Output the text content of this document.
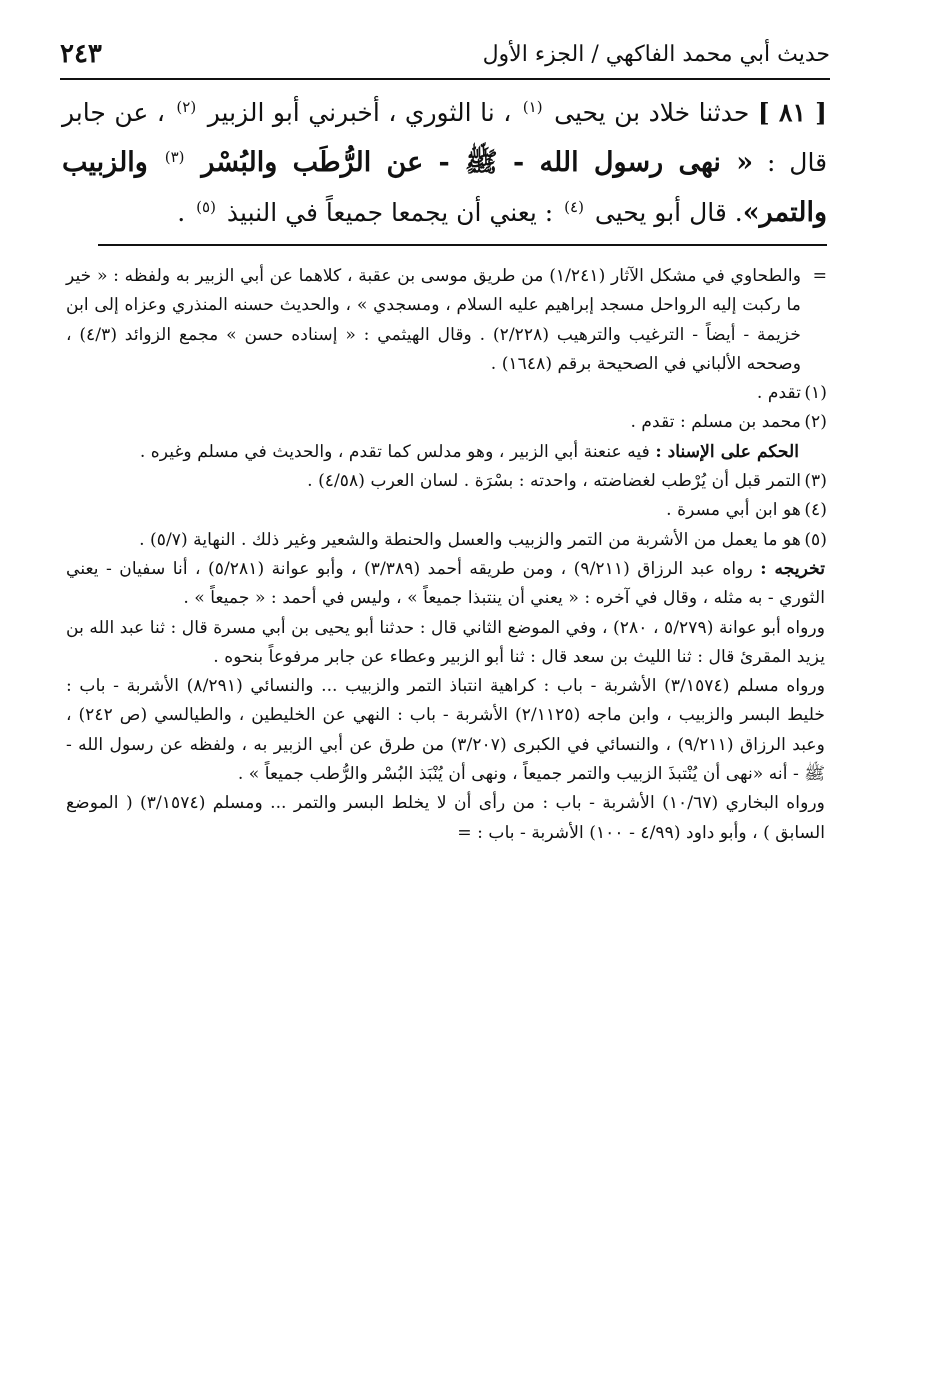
حديث أبي محمد الفاكهي / الجزء الأول
٢٤٣
[ ٨١ ] حدثنا خلاد بن يحيى $^{(١)}$ ، نا الثوري ، أخبرني أبو الزبير $^{(٢)}$ ، عن جابر قال : « نهى رسول الله - ﷺ - عن الرُّطَب والبُسْر $^{(٣)}$ والزبيب والتمر». قال أبو يحيى $^{(٤)}$ : يعني أن يجمعا جميعاً في النبيذ $^{(٥)}$ .
=
والطحاوي في مشكل الآثار (١/٢٤١) من طريق موسى بن عقبة ، كلاهما عن أبي الزبير به ولفظه : « خير ما ركبت إليه الرواحل مسجد إبراهيم عليه السلام ، ومسجدي » ، والحديث حسنه المنذري وعزاه إلى ابن خزيمة - أيضاً - الترغيب والترهيب (٢/٢٢٨) . وقال الهيثمي : « إسناده حسن » مجمع الزوائد (٤/٣) ، وصححه الألباني في الصحيحة برقم (١٦٤٨) .
(١)
تقدم .
(٢)
محمد بن مسلم : تقدم .
الحكم على الإسناد : فيه عنعنة أبي الزبير ، وهو مدلس كما تقدم ، والحديث في مسلم وغيره .
(٣)
التمر قبل أن يُرْطب لغضاضته ، واحدته : بسْرَة . لسان العرب (٤/٥٨) .
(٤)
هو ابن أبي مسرة .
(٥)
هو ما يعمل من الأشربة من التمر والزبيب والعسل والحنطة والشعير وغير ذلك . النهاية (٥/٧) .
تخريجه : رواه عبد الرزاق (٩/٢١١) ، ومن طريقه أحمد (٣/٣٨٩) ، وأبو عوانة (٥/٢٨١) ، أنا سفيان - يعني الثوري - به مثله ، وقال في آخره : « يعني أن ينتبذا جميعاً » ، وليس في أحمد : « جميعاً » .
ورواه أبو عوانة (٥/٢٧٩ ، ٢٨٠) ، وفي الموضع الثاني قال : حدثنا أبو يحيى بن أبي مسرة قال : ثنا عبد الله بن يزيد المقرئ قال : ثنا الليث بن سعد قال : ثنا أبو الزبير وعطاء عن جابر مرفوعاً بنحوه .
ورواه مسلم (٣/١٥٧٤) الأشربة - باب : كراهية انتباذ التمر والزبيب ... والنسائي (٨/٢٩١) الأشربة - باب : خليط البسر والزبيب ، وابن ماجه (٢/١١٢٥) الأشربة - باب : النهي عن الخليطين ، والطيالسي (ص ٢٤٢) ، وعبد الرزاق (٩/٢١١) ، والنسائي في الكبرى (٣/٢٠٧) من طرق عن أبي الزبير به ، ولفظه عن رسول الله - ﷺ - أنه «نهى أن يُنْتبذَ الزبيب والتمر جميعاً ، ونهى أن يُنْبَذ البُسْر والرُّطب جميعاً » .
ورواه البخاري (١٠/٦٧) الأشربة - باب : من رأى أن لا يخلط البسر والتمر ... ومسلم (٣/١٥٧٤) ( الموضع السابق ) ، وأبو داود (٤/٩٩ - ١٠٠) الأشربة - باب : =
